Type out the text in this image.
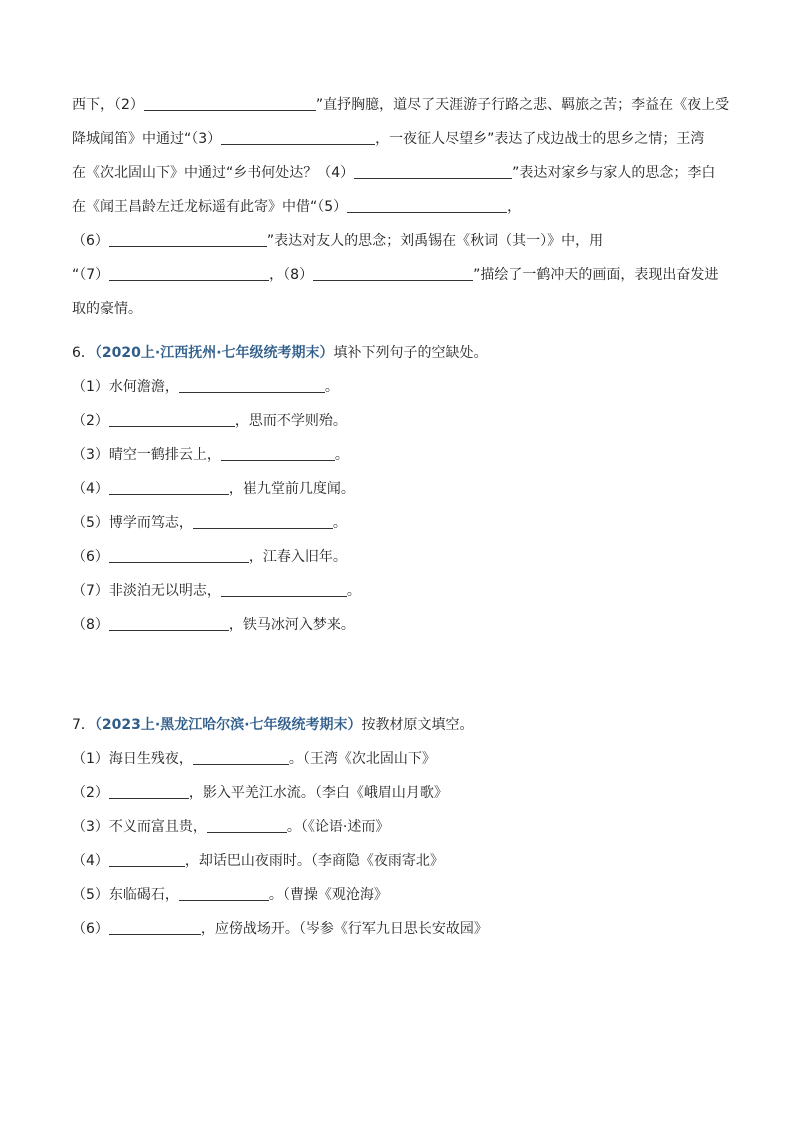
西下，（2）	”直抒胸臆，道尽了天涯游子行路之悲、羁旅之苦；李益在《夜上受
降城闻笛》中通过“（3）	，一夜征人尽望乡”表达了戍边战士的思乡之情；王湾
在《次北固山下》中通过“乡书何处达？（4）	”表达对家乡与家人的思念；李白
在《闻王昌龄左迁龙标遥有此寄》中借“（5）	，
（6）	”表达对友人的思念；刘禹锡在《秋词（其一）》中，用
“（7）	，（8）	”描绘了一鹤冲天的画面，表现出奋发进
取的豪情。
6．（2020上·江西抚州·七年级统考期末）填补下列句子的空缺处。
（1）水何澹澹，	。
（2）	，思而不学则殆。
（3）晴空一鹤排云上，	。
（4）	，崔九堂前几度闻。
（5）博学而笃志，	。
（6）	，江春入旧年。
（7）非淡泊无以明志，	。
（8）	，铁马冰河入梦来。
7．（2023上·黑龙江哈尔滨·七年级统考期末）按教材原文填空。
（1）海日生残夜，	。（王湾《次北固山下》
（2）	，影入平羌江水流。（李白《峨眉山月歌》
（3）不义而富且贵，	。（《论语·述而》
（4）	，却话巴山夜雨时。（李商隐《夜雨寄北》
（5）东临碣石，	。（曹操《观沧海》
（6）	，应傍战场开。（岑参《行军九日思长安故园》
